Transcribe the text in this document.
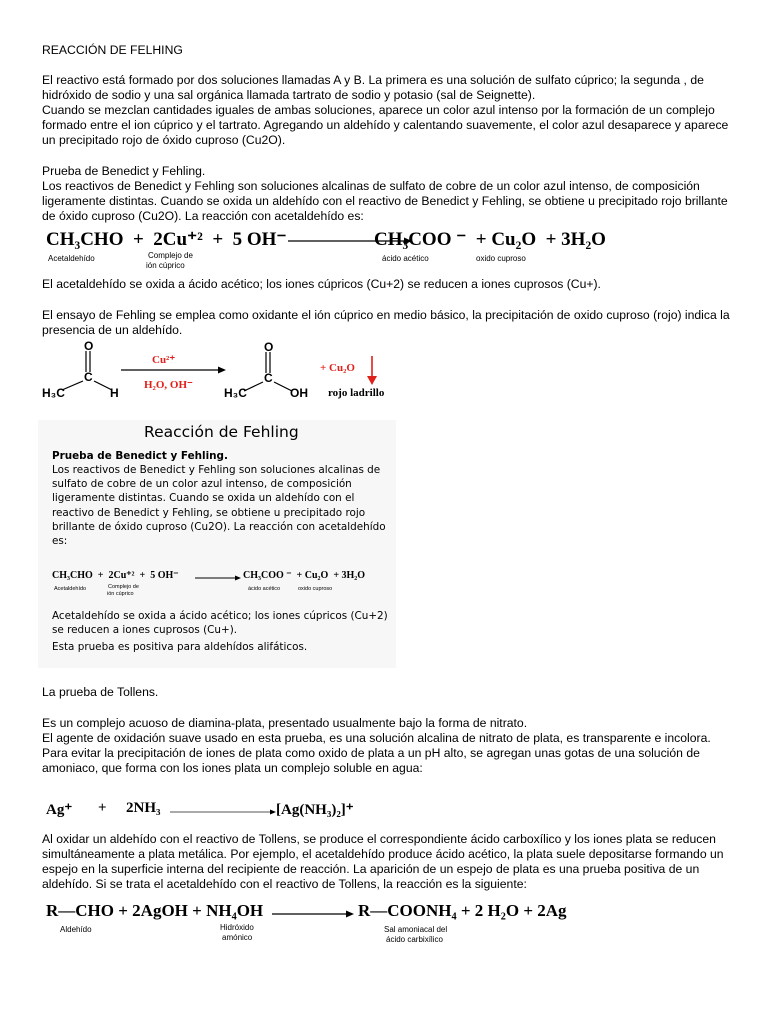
REACCIÓN DE FELHING

El reactivo está formado por dos soluciones llamadas A y B. La primera es una solución de sulfato cúprico; la segunda , de hidróxido de sodio y una sal orgánica llamada tartrato de sodio y potasio (sal de Seignette).

Cuando se mezclan cantidades iguales de ambas soluciones, aparece un color azul intenso por la formación de un complejo formado entre el ion cúprico y el tartrato. Agregando un aldehído y calentando suavemente, el color azul desaparece y aparece un precipitado rojo de óxido cuproso (Cu2O).

Prueba de Benedict y Fehling.

Los reactivos de Benedict y Fehling son soluciones alcalinas de sulfato de cobre de un color azul intenso, de composición ligeramente distintas. Cuando se oxida un aldehído con el reactivo de Benedict y Fehling, se obtiene u precipitado rojo brillante de óxido cuproso (Cu2O). La reacción con acetaldehído es:

CH₃CHO  +  2Cu⁺²  +  5 OH⁻	CH₃COO ⁻  + Cu₂O  + 3H₂O
Acetaldehído	Complejo de
ión cúprico
ácido acético	oxido cuproso

El acetaldehído se oxida a ácido acético; los iones cúpricos (Cu+2) se reducen a iones cuprosos (Cu+).

El ensayo de Fehling se emplea como oxidante el ión cúprico en medio básico, la precipitación de oxido cuproso (rojo) indica la presencia de un aldehído.

O
C
H₃C	H
Cu²⁺
H₂O, OH⁻
O
C
H₃C	OH
+ Cu₂O
rojo ladrillo
Reacción de Fehling

Prueba de Benedict y Fehling.

Los reactivos de Benedict y Fehling son soluciones alcalinas de sulfato de cobre de un color azul intenso, de composición ligeramente distintas. Cuando se oxida un aldehído con el reactivo de Benedict y Fehling, se obtiene u precipitado rojo brillante de óxido cuproso (Cu2O). La reacción con acetaldehído es:

CH₃CHO  +  2Cu⁺²  +  5 OH⁻	CH₃COO ⁻  + Cu₂O  + 3H₂O
Acetaldehído	Complejo de
ión cúprico
ácido acético	oxido cuproso

Acetaldehído se oxida a ácido acético; los iones cúpricos (Cu+2) se reducen a iones cuprosos (Cu+).

Esta prueba es positiva para aldehídos alifáticos.

La prueba de Tollens.

Es un complejo acuoso de diamina-plata, presentado usualmente bajo la forma de nitrato.

El agente de oxidación suave usado en esta prueba, es una solución alcalina de nitrato de plata, es transparente e incolora. Para evitar la precipitación de iones de plata como oxido de plata a un pH alto, se agregan unas gotas de una solución de amoniaco, que forma con los iones plata un complejo soluble en agua:

Ag⁺ + 2NH₃	[Ag(NH₃)₂]⁺

Al oxidar un aldehído con el reactivo de Tollens, se produce el correspondiente ácido carboxílico y los iones plata se reducen simultáneamente a plata metálica. Por ejemplo, el acetaldehído produce ácido acético, la plata suele depositarse formando un espejo en la superficie interna del recipiente de reacción. La aparición de un espejo de plata es una prueba positiva de un aldehído. Si se trata el acetaldehído con el reactivo de Tollens, la reacción es la siguiente:

R—CHO + 2AgOH + NH₄OH	R—COONH₄ + 2 H₂O + 2Ag
Aldehído	Hidróxido
amónico
Sal amoniacal del
ácido carbixílico
